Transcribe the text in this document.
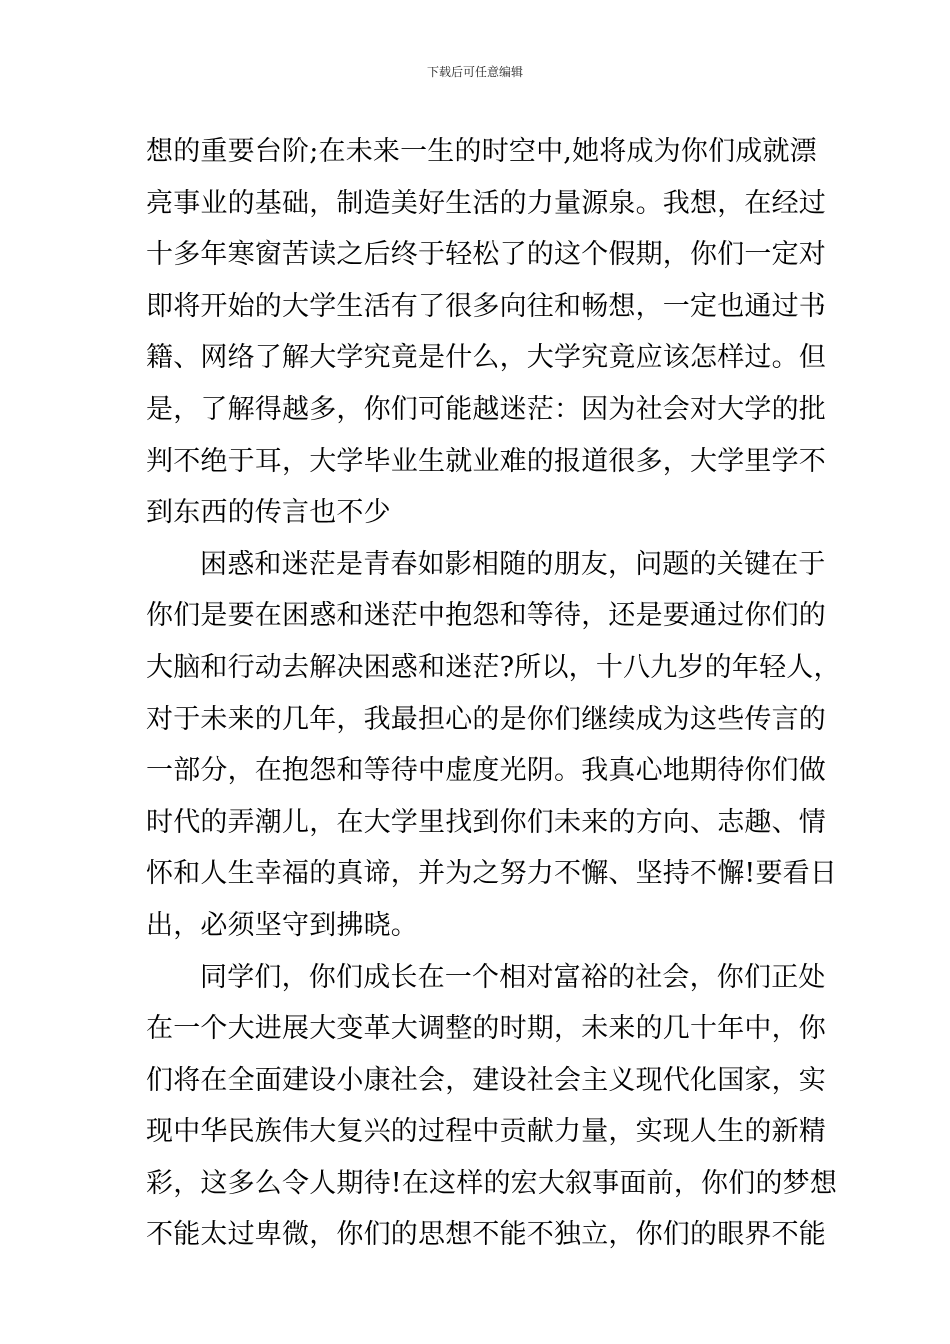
下载后可任意编辑
想的重要台阶;在未来一生的时空中,她将成为你们成就漂
亮事业的基础，制造美好生活的力量源泉。我想，在经过
十多年寒窗苦读之后终于轻松了的这个假期，你们一定对
即将开始的大学生活有了很多向往和畅想，一定也通过书
籍、网络了解大学究竟是什么，大学究竟应该怎样过。但
是，了解得越多，你们可能越迷茫：因为社会对大学的批
判不绝于耳，大学毕业生就业难的报道很多，大学里学不
到东西的传言也不少
困惑和迷茫是青春如影相随的朋友，问题的关键在于
你们是要在困惑和迷茫中抱怨和等待，还是要通过你们的
大脑和行动去解决困惑和迷茫?所以，十八九岁的年轻人，
对于未来的几年，我最担心的是你们继续成为这些传言的
一部分，在抱怨和等待中虚度光阴。我真心地期待你们做
时代的弄潮儿，在大学里找到你们未来的方向、志趣、情
怀和人生幸福的真谛，并为之努力不懈、坚持不懈!要看日
出，必须坚守到拂晓。
同学们，你们成长在一个相对富裕的社会，你们正处
在一个大进展大变革大调整的时期，未来的几十年中，你
们将在全面建设小康社会，建设社会主义现代化国家，实
现中华民族伟大复兴的过程中贡献力量，实现人生的新精
彩，这多么令人期待!在这样的宏大叙事面前，你们的梦想
不能太过卑微，你们的思想不能不独立，你们的眼界不能
